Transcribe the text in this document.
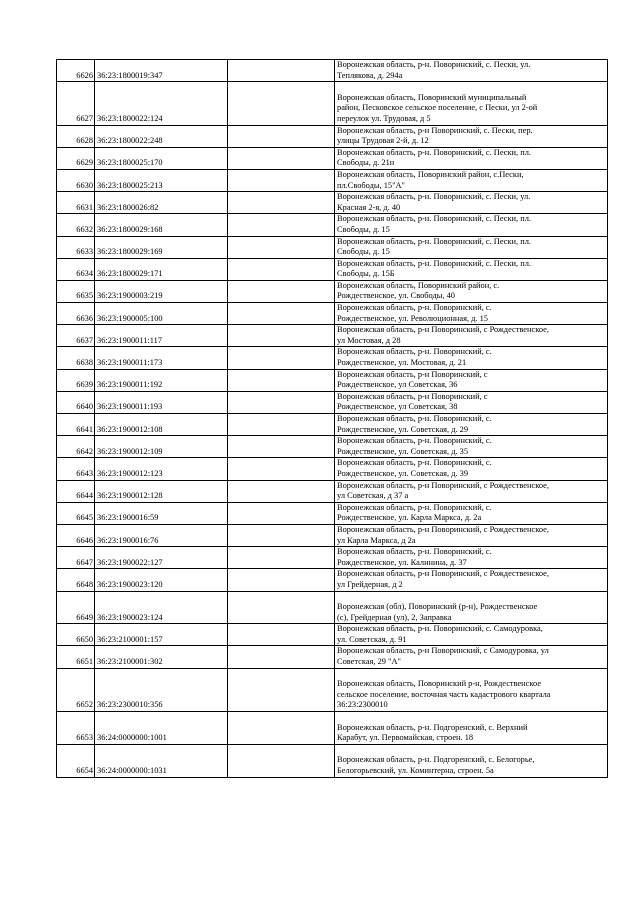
6626	36:23:1800019:347		Воронежская область, р-н. Поворинский, с. Пески, ул.
Теплякова, д. 294а

6627	36:23:1800022:124		Воронежская область, Поворинский муниципальный
район, Песковское сельское поселение, с Пески, ул 2-ой
переулок ул. Трудовая, д 5

6628	36:23:1800022:248		Воронежская область, р-н Поворинский, с. Пески, пер.
улицы Трудовая 2-й, д. 12

6629	36:23:1800025:170		Воронежская область, р-н. Поворинский, с. Пески, пл.
Свободы, д. 21н

6630	36:23:1800025:213		Воронежская область, Поворинский район, с.Пески,
пл.Свободы, 15"А"

6631	36:23:1800026:82		Воронежская область, р-н. Поворинский, с. Пески, ул.
Красная 2-я, д. 40

6632	36:23:1800029:168		Воронежская область, р-н. Поворинский, с. Пески, пл.
Свободы, д. 15

6633	36:23:1800029:169		Воронежская область, р-н. Поворинский, с. Пески, пл.
Свободы, д. 15

6634	36:23:1800029:171		Воронежская область, р-н. Поворинский, с. Пески, пл.
Свободы, д. 15Б

6635	36:23:1900003:219		Воронежская область, Поворинский район, с.
Рождественское, ул. Свободы, 40

6636	36:23:1900005:100		Воронежская область, р-н. Поворинский, с.
Рождественское, ул. Революционная, д. 15

6637	36:23:1900011:117		Воронежская область, р-н Поворинский, с Рождественское,
ул Мостовая, д 28

6638	36:23:1900011:173		Воронежская область, р-н. Поворинский, с.
Рождественское, ул. Мостовая, д. 21

6639	36:23:1900011:192		Воронежская область, р-н Поворинский, с
Рождественское, ул Советская, 36

6640	36:23:1900011:193		Воронежская область, р-н Поворинский, с
Рождественское, ул Советская, 38

6641	36:23:1900012:108		Воронежская область, р-н. Поворинский, с.
Рождественское, ул. Советская, д. 29

6642	36:23:1900012:109		Воронежская область, р-н. Поворинский, с.
Рождественское, ул. Советская, д. 35

6643	36:23:1900012:123		Воронежская область, р-н. Поворинский, с.
Рождественское, ул. Советская, д. 39

6644	36:23:1900012:128		Воронежская область, р-н Поворинский, с Рождественское,
ул Советская, д 37 а

6645	36:23:1900016:59		Воронежская область, р-н. Поворинский, с.
Рождественское, ул. Карла Маркса, д. 2а

6646	36:23:1900016:76		Воронежская область, р-н Поворинский, с Рождественское,
ул Карла Маркса, д 2а

6647	36:23:1900022:127		Воронежская область, р-н. Поворинский, с.
Рождественское, ул. Калинина, д. 37

6648	36:23:1900023:120		Воронежская область, р-н Поворинский, с Рождественское,
ул Грейдерная, д 2

6649	36:23:1900023:124		Воронежская (обл), Поворинский (р-н), Рождественское
(с), Грейдерная (ул), 2, Заправка

6650	36:23:2100001:157		Воронежская область, р-н. Поворинский, с. Самодуровка,
ул. Советская, д. 91

6651	36:23:2100001:302		Воронежская область, р-н Поворинский, с Самодуровка, ул
Советская, 29 "А"

6652	36:23:2300010:356		Воронежская область, Поворинский р-н, Рождественское
сельское поселение, восточная часть кадастрового квартала
36:23:2300010

6653	36:24:0000000:1001		Воронежская область, р-н. Подгоренский, с. Верхний
Карабут, ул. Первомайская, строен. 18

6654	36:24:0000000:1031		Воронежская область, р-н. Подгоренский, с. Белогорье,
Белогорьевский, ул. Коминтерна, строен. 5а
